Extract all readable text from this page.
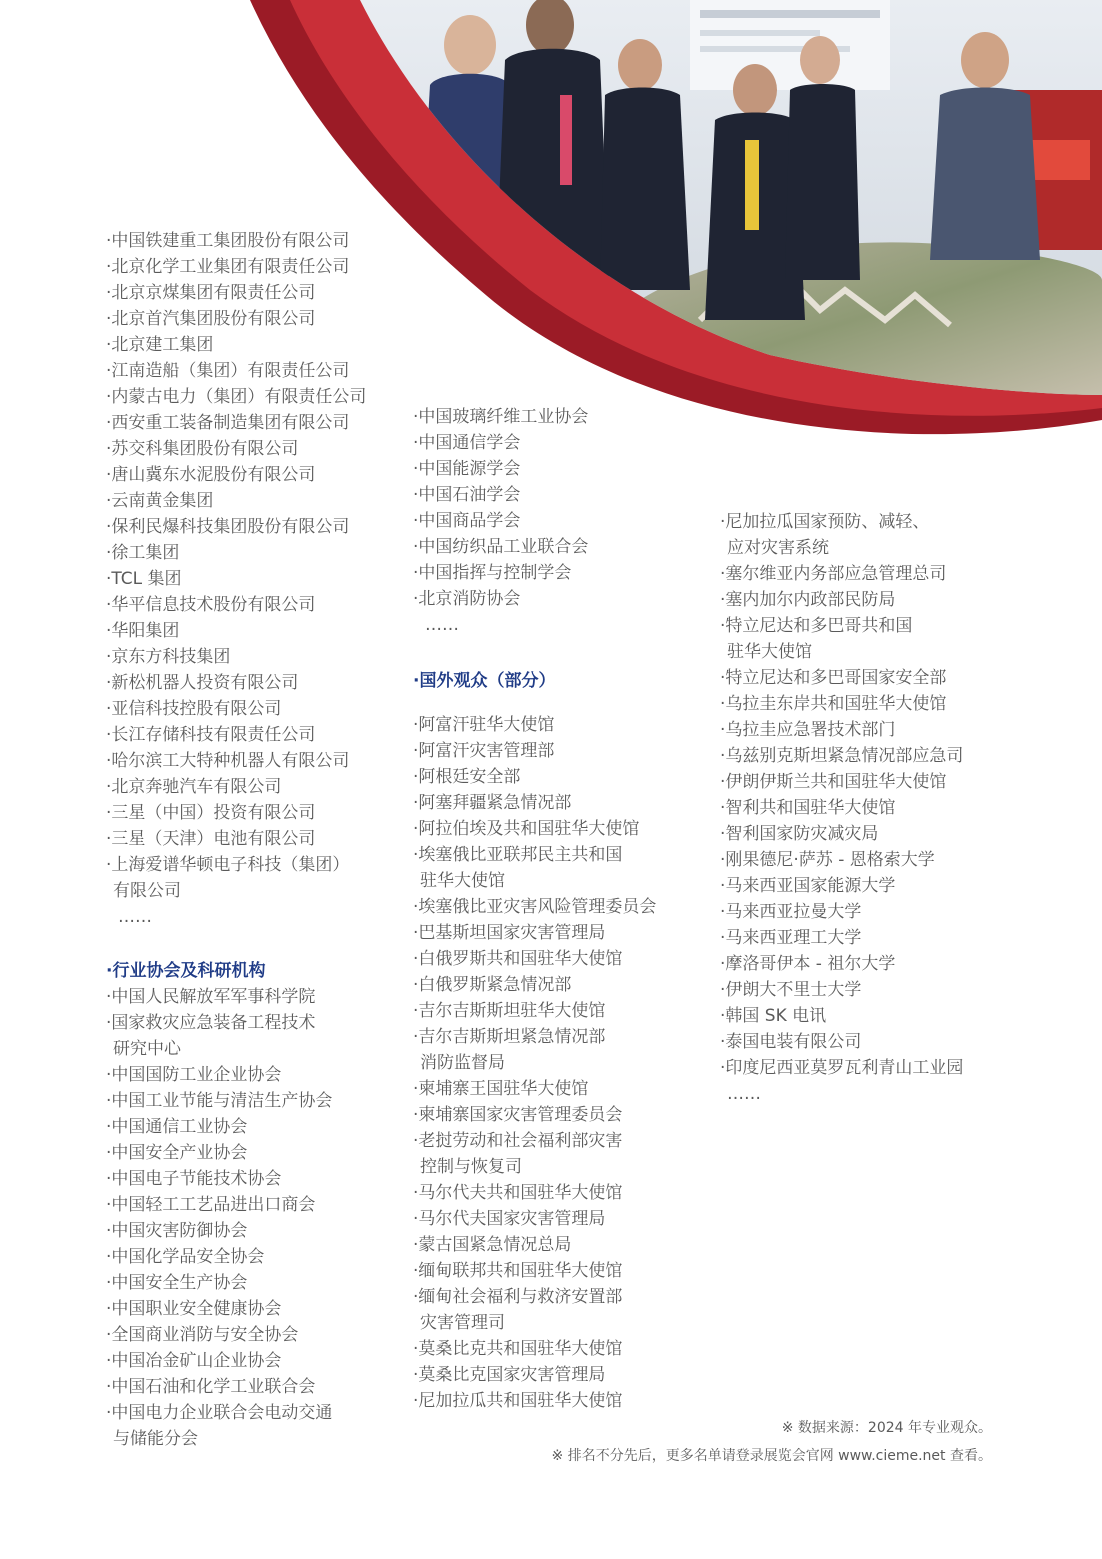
·中国铁建重工集团股份有限公司
·北京化学工业集团有限责任公司
·北京京煤集团有限责任公司
·北京首汽集团股份有限公司
·北京建工集团
·江南造船（集团）有限责任公司
·内蒙古电力（集团）有限责任公司
·西安重工装备制造集团有限公司
·苏交科集团股份有限公司
·唐山冀东水泥股份有限公司
·云南黄金集团
·保利民爆科技集团股份有限公司
·徐工集团
·TCL 集团
·华平信息技术股份有限公司
·华阳集团
·京东方科技集团
·新松机器人投资有限公司
·亚信科技控股有限公司
·长江存储科技有限责任公司
·哈尔滨工大特种机器人有限公司
·北京奔驰汽车有限公司
·三星（中国）投资有限公司
·三星（天津）电池有限公司
·上海爱谱华顿电子科技（集团）
有限公司
……
·行业协会及科研机构
·中国人民解放军军事科学院
·国家救灾应急装备工程技术
研究中心
·中国国防工业企业协会
·中国工业节能与清洁生产协会
·中国通信工业协会
·中国安全产业协会
·中国电子节能技术协会
·中国轻工工艺品进出口商会
·中国灾害防御协会
·中国化学品安全协会
·中国安全生产协会
·中国职业安全健康协会
·全国商业消防与安全协会
·中国冶金矿山企业协会
·中国石油和化学工业联合会
·中国电力企业联合会电动交通
与储能分会
·中国玻璃纤维工业协会
·中国通信学会
·中国能源学会
·中国石油学会
·中国商品学会
·中国纺织品工业联合会
·中国指挥与控制学会
·北京消防协会
……
·国外观众（部分）
·阿富汗驻华大使馆
·阿富汗灾害管理部
·阿根廷安全部
·阿塞拜疆紧急情况部
·阿拉伯埃及共和国驻华大使馆
·埃塞俄比亚联邦民主共和国
驻华大使馆
·埃塞俄比亚灾害风险管理委员会
·巴基斯坦国家灾害管理局
·白俄罗斯共和国驻华大使馆
·白俄罗斯紧急情况部
·吉尔吉斯斯坦驻华大使馆
·吉尔吉斯斯坦紧急情况部
消防监督局
·柬埔寨王国驻华大使馆
·柬埔寨国家灾害管理委员会
·老挝劳动和社会福利部灾害
控制与恢复司
·马尔代夫共和国驻华大使馆
·马尔代夫国家灾害管理局
·蒙古国紧急情况总局
·缅甸联邦共和国驻华大使馆
·缅甸社会福利与救济安置部
灾害管理司
·莫桑比克共和国驻华大使馆
·莫桑比克国家灾害管理局
·尼加拉瓜共和国驻华大使馆
·尼加拉瓜国家预防、减轻、
应对灾害系统
·塞尔维亚内务部应急管理总司
·塞内加尔内政部民防局
·特立尼达和多巴哥共和国
驻华大使馆
·特立尼达和多巴哥国家安全部
·乌拉圭东岸共和国驻华大使馆
·乌拉圭应急署技术部门
·乌兹别克斯坦紧急情况部应急司
·伊朗伊斯兰共和国驻华大使馆
·智利共和国驻华大使馆
·智利国家防灾减灾局
·刚果德尼·萨苏 - 恩格索大学
·马来西亚国家能源大学
·马来西亚拉曼大学
·马来西亚理工大学
·摩洛哥伊本 - 祖尔大学
·伊朗大不里士大学
·韩国 SK 电讯
·泰国电装有限公司
·印度尼西亚莫罗瓦利青山工业园
……
※ 数据来源：2024 年专业观众。
※ 排名不分先后，更多名单请登录展览会官网 www.cieme.net 查看。
